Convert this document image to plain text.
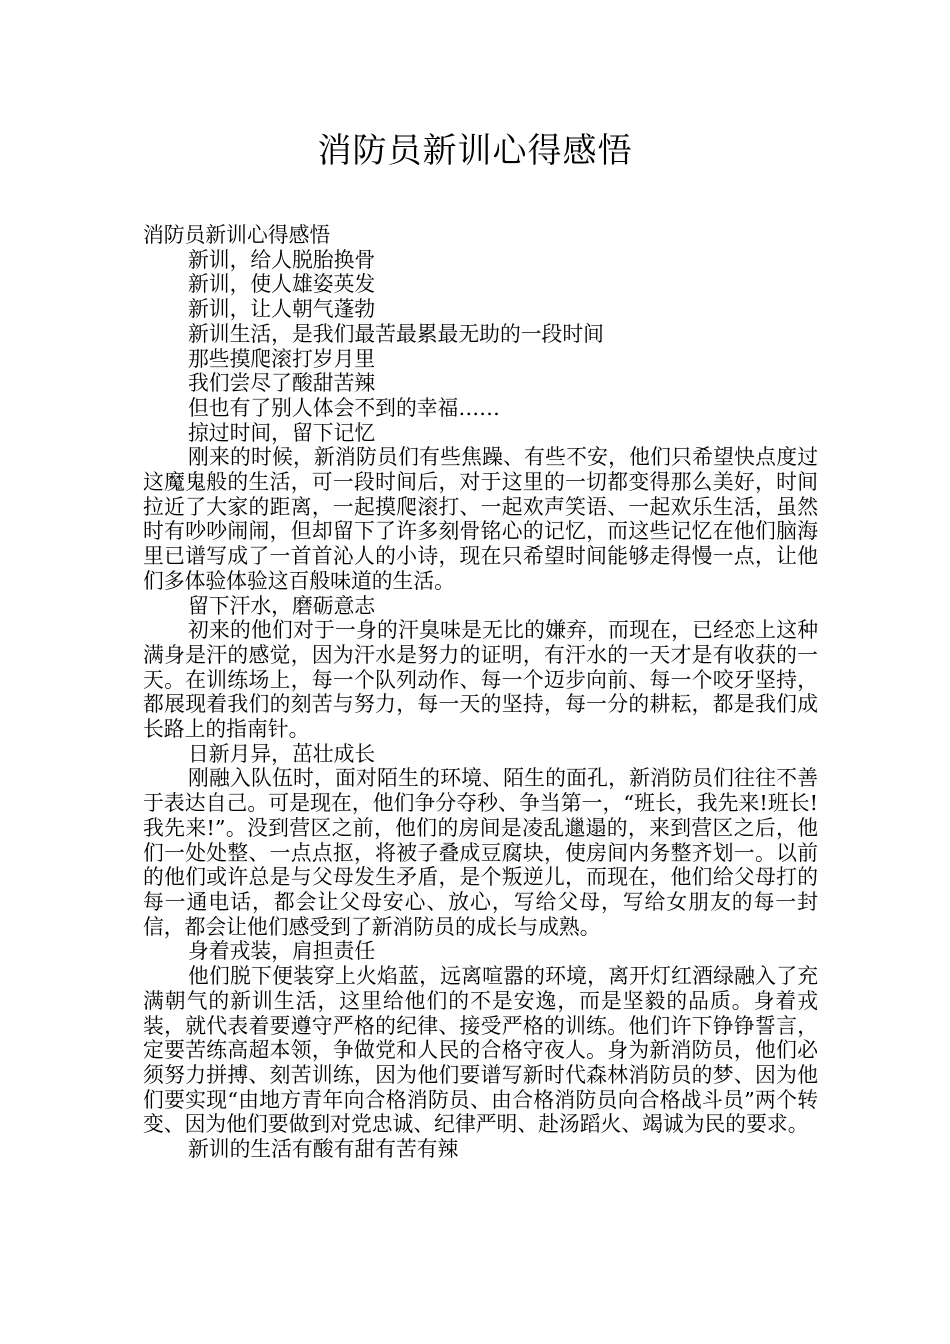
消防员新训心得感悟
消防员新训心得感悟
新训，给人脱胎换骨
新训，使人雄姿英发
新训，让人朝气蓬勃
新训生活，是我们最苦最累最无助的一段时间
那些摸爬滚打岁月里
我们尝尽了酸甜苦辣
但也有了别人体会不到的幸福……
掠过时间，留下记忆
刚来的时候，新消防员们有些焦躁、有些不安，他们只希望快点度过这魔鬼般的生活，可一段时间后，对于这里的一切都变得那么美好，时间拉近了大家的距离，一起摸爬滚打、一起欢声笑语、一起欢乐生活，虽然时有吵吵闹闹，但却留下了许多刻骨铭心的记忆，而这些记忆在他们脑海里已谱写成了一首首沁人的小诗，现在只希望时间能够走得慢一点，让他们多体验体验这百般味道的生活。
留下汗水，磨砺意志
初来的他们对于一身的汗臭味是无比的嫌弃，而现在，已经恋上这种满身是汗的感觉，因为汗水是努力的证明，有汗水的一天才是有收获的一天。在训练场上，每一个队列动作、每一个迈步向前、每一个咬牙坚持，都展现着我们的刻苦与努力，每一天的坚持，每一分的耕耘，都是我们成长路上的指南针。
日新月异，茁壮成长
刚融入队伍时，面对陌生的环境、陌生的面孔，新消防员们往往不善于表达自己。可是现在，他们争分夺秒、争当第一，“班长，我先来!班长!我先来!”。没到营区之前，他们的房间是凌乱邋遢的，来到营区之后，他们一处处整、一点点抠，将被子叠成豆腐块，使房间内务整齐划一。以前的他们或许总是与父母发生矛盾，是个叛逆儿，而现在，他们给父母打的每一通电话，都会让父母安心、放心，写给父母，写给女朋友的每一封信，都会让他们感受到了新消防员的成长与成熟。
身着戎装，肩担责任
他们脱下便装穿上火焰蓝，远离喧嚣的环境，离开灯红酒绿融入了充满朝气的新训生活，这里给他们的不是安逸，而是坚毅的品质。身着戎装，就代表着要遵守严格的纪律、接受严格的训练。他们许下铮铮誓言，定要苦练高超本领，争做党和人民的合格守夜人。身为新消防员，他们必须努力拼搏、刻苦训练，因为他们要谱写新时代森林消防员的梦、因为他们要实现“由地方青年向合格消防员、由合格消防员向合格战斗员”两个转变、因为他们要做到对党忠诚、纪律严明、赴汤蹈火、竭诚为民的要求。
新训的生活有酸有甜有苦有辣
